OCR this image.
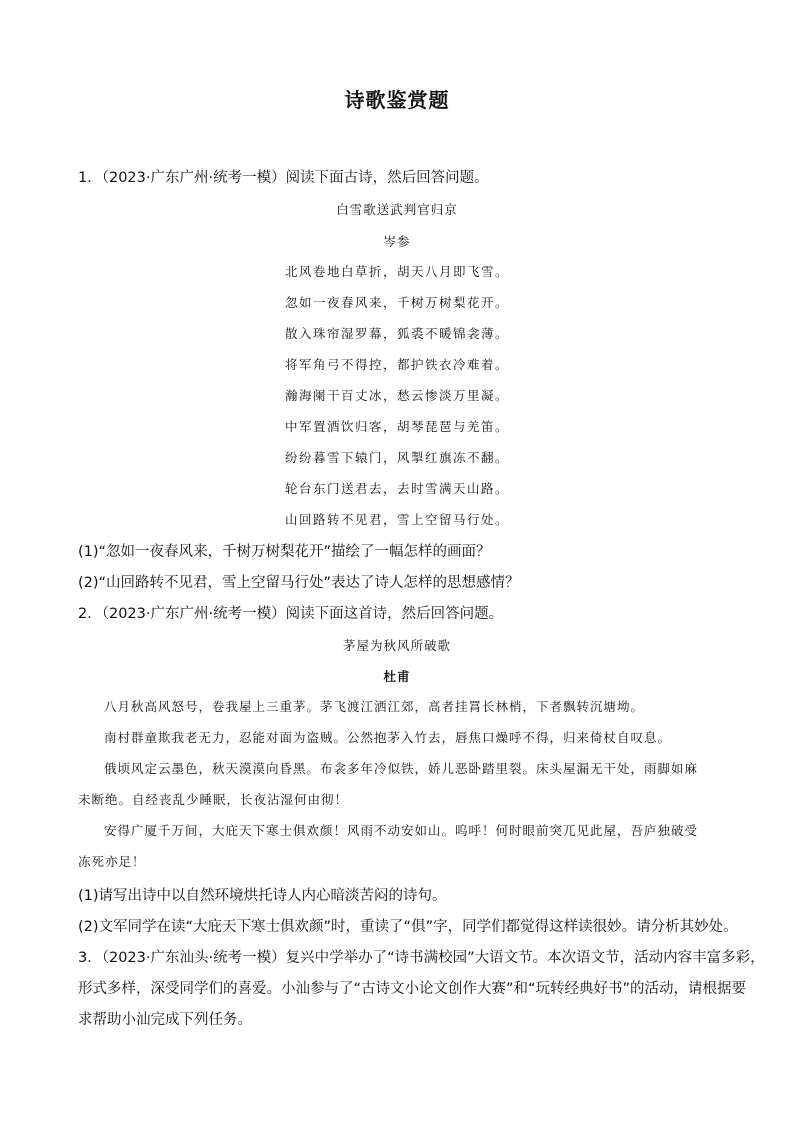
诗歌鉴赏题
1．（2023·广东广州·统考一模）阅读下面古诗，然后回答问题。
白雪歌送武判官归京
岑参
北风卷地白草折，胡天八月即飞雪。
忽如一夜春风来，千树万树梨花开。
散入珠帘湿罗幕，狐裘不暖锦衾薄。
将军角弓不得控，都护铁衣冷难着。
瀚海阑干百丈冰，愁云惨淡万里凝。
中军置酒饮归客，胡琴琵琶与羌笛。
纷纷暮雪下辕门，风掣红旗冻不翻。
轮台东门送君去，去时雪满天山路。
山回路转不见君，雪上空留马行处。
(1)“忽如一夜春风来，千树万树梨花开”描绘了一幅怎样的画面？
(2)“山回路转不见君，雪上空留马行处”表达了诗人怎样的思想感情？
2．（2023·广东广州·统考一模）阅读下面这首诗，然后回答问题。
茅屋为秋风所破歌
杜甫
八月秋高风怒号，卷我屋上三重茅。茅飞渡江洒江郊，高者挂罥长林梢，下者飘转沉塘坳。
南村群童欺我老无力，忍能对面为盗贼。公然抱茅入竹去，唇焦口燥呼不得，归来倚杖自叹息。
俄顷风定云墨色，秋天漠漠向昏黑。布衾多年冷似铁，娇儿恶卧踏里裂。床头屋漏无干处，雨脚如麻
未断绝。自经丧乱少睡眠，长夜沾湿何由彻！
安得广厦千万间，大庇天下寒士俱欢颜！风雨不动安如山。呜呼！何时眼前突兀见此屋，吾庐独破受
冻死亦足！
(1)请写出诗中以自然环境烘托诗人内心暗淡苦闷的诗句。
(2)文军同学在读“大庇天下寒士俱欢颜”时，重读了“俱”字，同学们都觉得这样读很妙。请分析其妙处。
3．（2023·广东汕头·统考一模）复兴中学举办了“诗书满校园”大语文节。本次语文节，活动内容丰富多彩，
形式多样，深受同学们的喜爱。小汕参与了“古诗文小论文创作大赛”和“玩转经典好书”的活动，请根据要
求帮助小汕完成下列任务。
